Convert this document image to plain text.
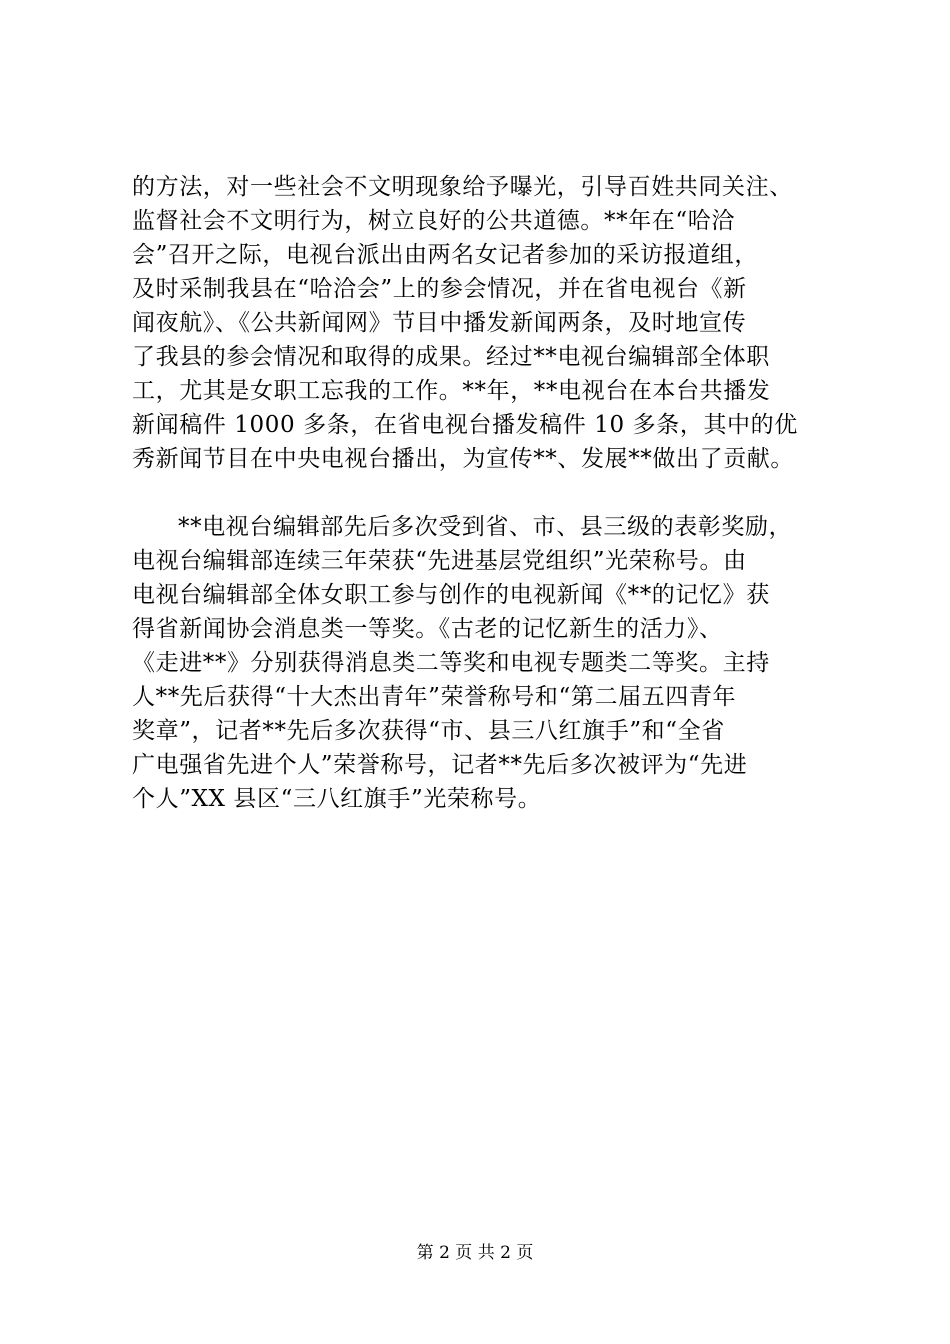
的方法，对一些社会不文明现象给予曝光，引导百姓共同关注、
监督社会不文明行为，树立良好的公共道德。**年在“哈洽
会”召开之际，电视台派出由两名女记者参加的采访报道组，
及时采制我县在“哈洽会”上的参会情况，并在省电视台《新
闻夜航》、《公共新闻网》节目中播发新闻两条，及时地宣传
了我县的参会情况和取得的成果。经过**电视台编辑部全体职
工，尤其是女职工忘我的工作。**年，**电视台在本台共播发
新闻稿件 1000 多条，在省电视台播发稿件 10 多条，其中的优
秀新闻节目在中央电视台播出，为宣传**、发展**做出了贡献。

**电视台编辑部先后多次受到省、市、县三级的表彰奖励，
电视台编辑部连续三年荣获“先进基层党组织”光荣称号。由
电视台编辑部全体女职工参与创作的电视新闻《**的记忆》获
得省新闻协会消息类一等奖。《古老的记忆新生的活力》、
《走进**》分别获得消息类二等奖和电视专题类二等奖。主持
人**先后获得“十大杰出青年”荣誉称号和“第二届五四青年
奖章”，记者**先后多次获得“市、县三八红旗手”和“全省
广电强省先进个人”荣誉称号，记者**先后多次被评为“先进
个人”XX 县区“三八红旗手”光荣称号。

第 2 页 共 2 页
